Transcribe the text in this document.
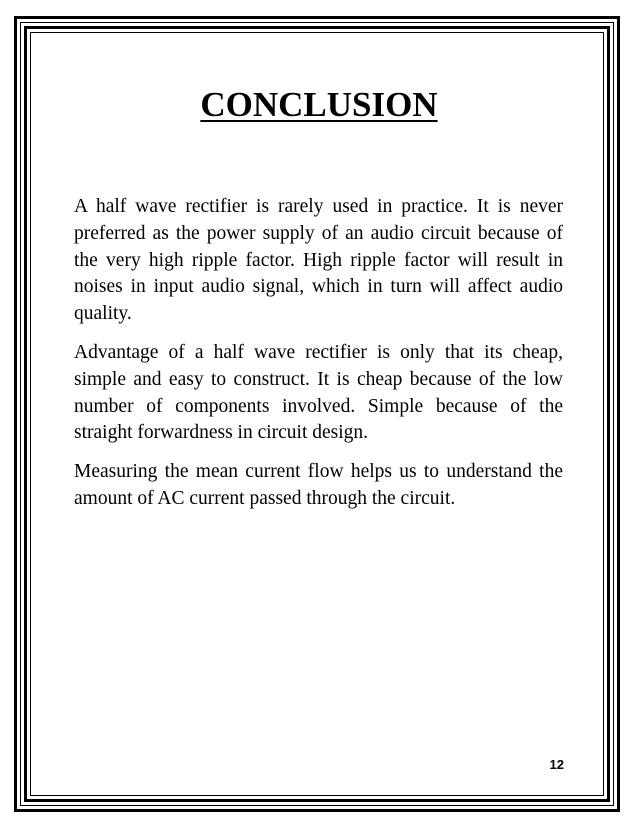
CONCLUSION

A half wave rectifier is rarely used in practice. It is never preferred as the power supply of an audio circuit because of the very high ripple factor. High ripple factor will result in noises in input audio signal, which in turn will affect audio quality.

Advantage of a half wave rectifier is only that its cheap, simple and easy to construct. It is cheap because of the low number of components involved. Simple because of the straight forwardness in circuit design.

Measuring the mean current flow helps us to understand the amount of AC current passed through the circuit.

12
